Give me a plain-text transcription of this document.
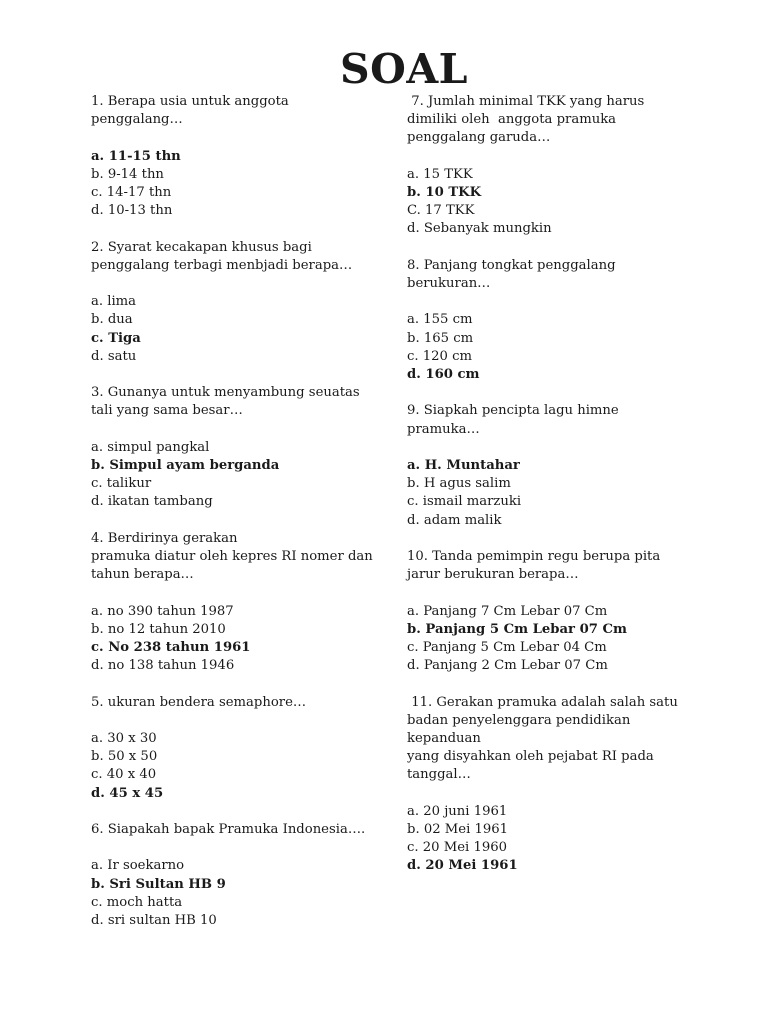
SOAL
1. Berapa usia untuk anggota
penggalang…
a. 11-15 thn
b. 9-14 thn
c. 14-17 thn
d. 10-13 thn
2. Syarat kecakapan khusus bagi
penggalang terbagi menbjadi berapa…
a. lima
b. dua
c. Tiga
d. satu
3. Gunanya untuk menyambung seuatas
tali yang sama besar…
a. simpul pangkal
b. Simpul ayam berganda
c. talikur
d. ikatan tambang
4. Berdirinya gerakan
pramuka diatur oleh kepres RI nomer dan
tahun berapa…
a. no 390 tahun 1987
b. no 12 tahun 2010
c. No 238 tahun 1961
d. no 138 tahun 1946
5. ukuran bendera semaphore…
a. 30 x 30
b. 50 x 50
c. 40 x 40
d. 45 x 45
6. Siapakah bapak Pramuka Indonesia….
a. Ir soekarno
b. Sri Sultan HB 9
c. moch hatta
d. sri sultan HB 10
7. Jumlah minimal TKK yang harus
dimiliki oleh  anggota pramuka
penggalang garuda…
a. 15 TKK
b. 10 TKK
C. 17 TKK
d. Sebanyak mungkin
8. Panjang tongkat penggalang
berukuran…
a. 155 cm
b. 165 cm
c. 120 cm
d. 160 cm
9. Siapkah pencipta lagu himne
pramuka…
a. H. Muntahar
b. H agus salim
c. ismail marzuki
d. adam malik
10. Tanda pemimpin regu berupa pita
jarur berukuran berapa…
a. Panjang 7 Cm Lebar 07 Cm
b. Panjang 5 Cm Lebar 07 Cm
c. Panjang 5 Cm Lebar 04 Cm
d. Panjang 2 Cm Lebar 07 Cm
11. Gerakan pramuka adalah salah satu
badan penyelenggara pendidikan
kepanduan
yang disyahkan oleh pejabat RI pada
tanggal…
a. 20 juni 1961
b. 02 Mei 1961
c. 20 Mei 1960
d. 20 Mei 1961
